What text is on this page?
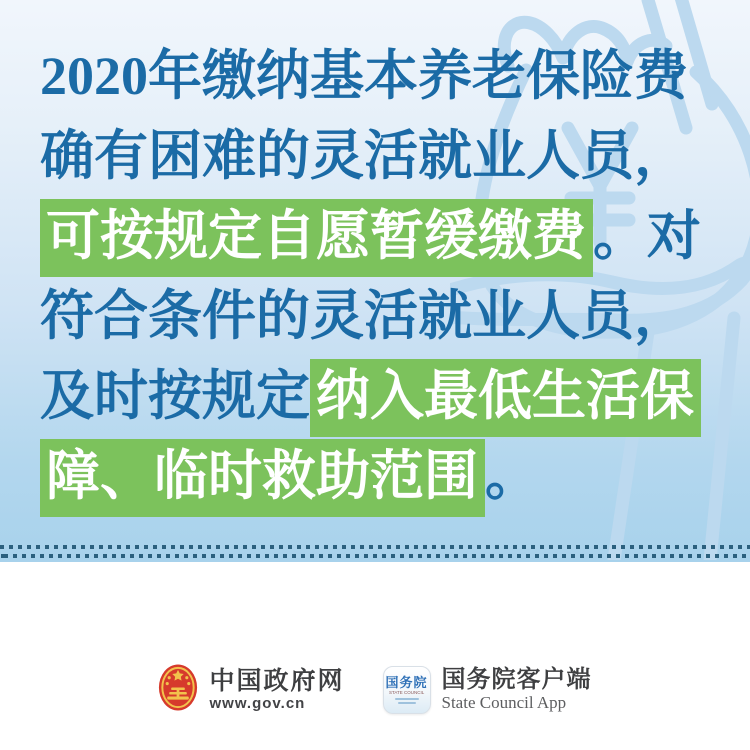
2020年缴纳基本养老保险费
确有困难的灵活就业人员，
可按规定自愿暂缓缴费 。对
符合条件的灵活就业人员，
及时按规定 纳入最低生活保
障、临时救助范围 。
中国政府网
www.gov.cn
国务院
STATE COUNCIL 国务院客户端
State Council App
